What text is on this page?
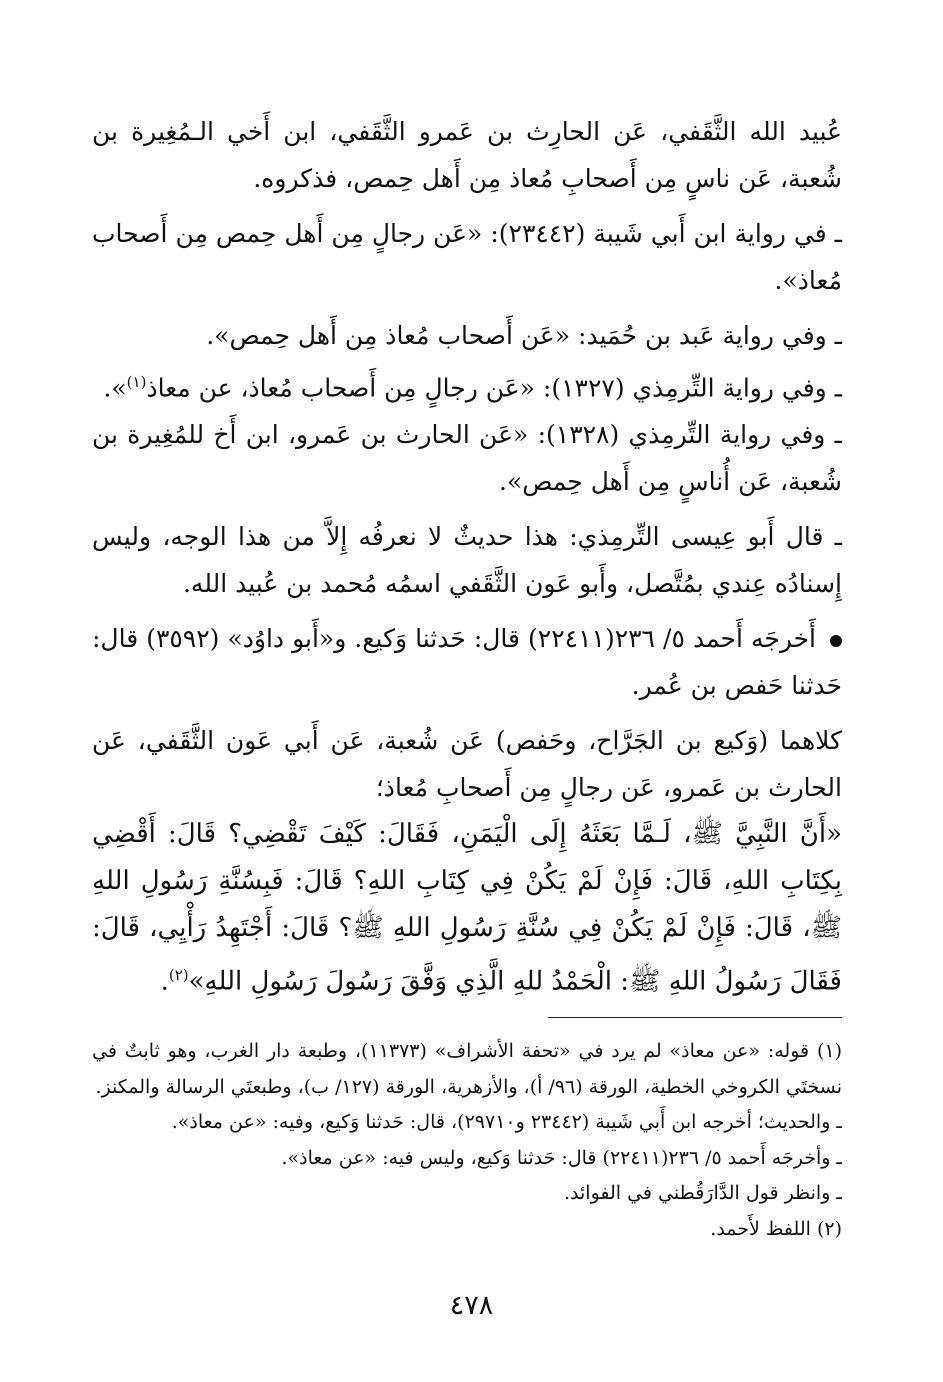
عُبيد الله الثَّقَفي، عَن الحارِث بن عَمرو الثَّقَفي، ابن أَخي الـمُغِيرة بن شُعبة، عَن ناسٍ مِن أَصحابِ مُعاذ مِن أَهل حِمص، فذكروه.

ـ في رواية ابن أَبي شَيبة (٢٣٤٤٢): «عَن رجالٍ مِن أَهل حِمص مِن أَصحاب مُعاذ».

ـ وفي رواية عَبد بن حُمَيد: «عَن أَصحاب مُعاذ مِن أَهل حِمص».

ـ وفي رواية التِّرمِذي (١٣٢٧): «عَن رجالٍ مِن أَصحاب مُعاذ، عن معاذ$^{(١)}$».

ـ وفي رواية التِّرمِذي (١٣٢٨): «عَن الحارث بن عَمرو، ابن أَخ للمُغِيرة بن شُعبة، عَن أُناسٍ مِن أَهل حِمص».

ـ قال أَبو عِيسى التِّرمِذي: هذا حديثٌ لا نعرفُه إِلاَّ من هذا الوجه، وليس إِسنادُه عِندي بمُتَّصل، وأَبو عَون الثَّقَفي اسمُه مُحمد بن عُبيد الله.

أَخرجَه أَحمد ٥/ ٢٣٦(٢٢٤١١) قال: حَدثنا وَكيع. و«أَبو داوُد» (٣٥٩٢) قال: حَدثنا حَفص بن عُمر.

كلاهما (وَكيع بن الجَرَّاح، وحَفص) عَن شُعبة، عَن أَبي عَون الثَّقَفي، عَن الحارث بن عَمرو، عَن رجالٍ مِن أَصحابِ مُعاذ؛

«أَنَّ النَّبِيَّ ﷺ، لَـمَّا بَعَثَهُ إِلَى الْيَمَنِ، فَقَالَ: كَيْفَ تَقْضِي؟ قَالَ: أَقْضِي بِكِتَابِ اللهِ، قَالَ: فَإِنْ لَمْ يَكُنْ فِي كِتَابِ اللهِ؟ قَالَ: فَبِسُنَّةِ رَسُولِ اللهِ ﷺ، قَالَ: فَإِنْ لَمْ يَكُنْ فِي سُنَّةِ رَسُولِ اللهِ ﷺ؟ قَالَ: أَجْتَهِدُ رَأْيِي، قَالَ: فَقَالَ رَسُولُ اللهِ ﷺ: الْحَمْدُ للهِ الَّذِي وَفَّقَ رَسُولَ رَسُولِ اللهِ»$^{(٢)}$.

(١) قوله: «عن معاذ» لم يرد في «تحفة الأشراف» (١١٣٧٣)، وطبعة دار الغرب، وهو ثابتٌ في نسختَي الكروخي الخطية، الورقة (٩٦/ أ)، والأزهرية، الورقة (١٢٧/ ب)، وطبعتَي الرسالة والمكنز.

ـ والحديث؛ أخرجه ابن أَبي شَيبة (٢٣٤٤٢ و٢٩٧١٠)، قال: حَدثنا وَكيع، وفيه: «عن معاذ».

ـ وأخرجَه أَحمد ٥/ ٢٣٦(٢٢٤١١) قال: حَدثنا وَكيع، وليس فيه: «عن معاذ».

ـ وانظر قول الدَّارَقُطني في الفوائد.

(٢) اللفظ لأَحمد.

٤٧٨
